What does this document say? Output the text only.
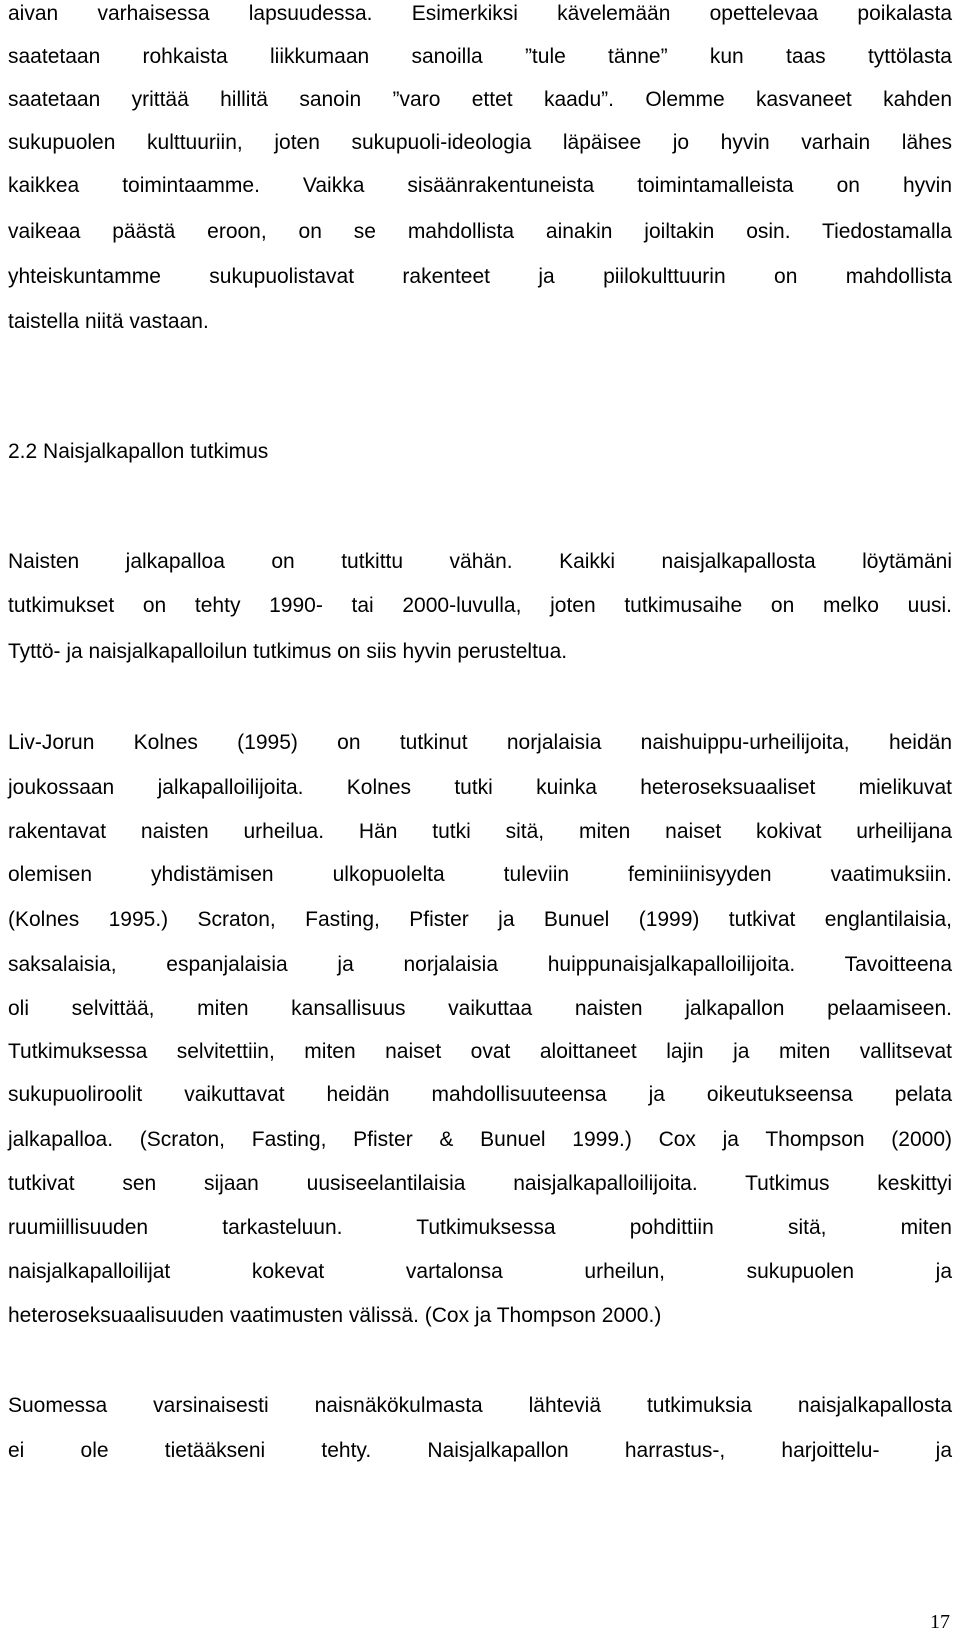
aivan varhaisessa lapsuudessa. Esimerkiksi kävelemään opettelevaa poikalasta
saatetaan rohkaista liikkumaan sanoilla ”tule tänne” kun taas tyttölasta
saatetaan yrittää hillitä sanoin ”varo ettet kaadu”. Olemme kasvaneet kahden
sukupuolen kulttuuriin, joten sukupuoli-ideologia läpäisee jo hyvin varhain lähes
kaikkea toimintaamme. Vaikka sisäänrakentuneista toimintamalleista on hyvin
vaikeaa päästä eroon, on se mahdollista ainakin joiltakin osin. Tiedostamalla
yhteiskuntamme sukupuolistavat rakenteet ja piilokulttuurin on mahdollista
taistella niitä vastaan.
2.2 Naisjalkapallon tutkimus
Naisten jalkapalloa on tutkittu vähän. Kaikki naisjalkapallosta löytämäni
tutkimukset on tehty 1990- tai 2000-luvulla, joten tutkimusaihe on melko uusi.
Tyttö- ja naisjalkapalloilun tutkimus on siis hyvin perusteltua.
Liv-Jorun Kolnes (1995) on tutkinut norjalaisia naishuippu-urheilijoita, heidän
joukossaan jalkapalloilijoita. Kolnes tutki kuinka heteroseksuaaliset mielikuvat
rakentavat naisten urheilua. Hän tutki sitä, miten naiset kokivat urheilijana
olemisen yhdistämisen ulkopuolelta tuleviin feminiinisyyden vaatimuksiin.
(Kolnes 1995.) Scraton, Fasting, Pfister ja Bunuel (1999) tutkivat englantilaisia,
saksalaisia, espanjalaisia ja norjalaisia huippunaisjalkapalloilijoita. Tavoitteena
oli selvittää, miten kansallisuus vaikuttaa naisten jalkapallon pelaamiseen.
Tutkimuksessa selvitettiin, miten naiset ovat aloittaneet lajin ja miten vallitsevat
sukupuoliroolit vaikuttavat heidän mahdollisuuteensa ja oikeutukseensa pelata
jalkapalloa. (Scraton, Fasting, Pfister & Bunuel 1999.) Cox ja Thompson (2000)
tutkivat sen sijaan uusiseelantilaisia naisjalkapalloilijoita. Tutkimus keskittyi
ruumiillisuuden tarkasteluun. Tutkimuksessa pohdittiin sitä, miten
naisjalkapalloilijat kokevat vartalonsa urheilun, sukupuolen ja
heteroseksuaalisuuden vaatimusten välissä. (Cox ja Thompson 2000.)
Suomessa varsinaisesti naisnäkökulmasta lähteviä tutkimuksia naisjalkapallosta
ei ole tietääkseni tehty. Naisjalkapallon harrastus-, harjoittelu- ja
17
